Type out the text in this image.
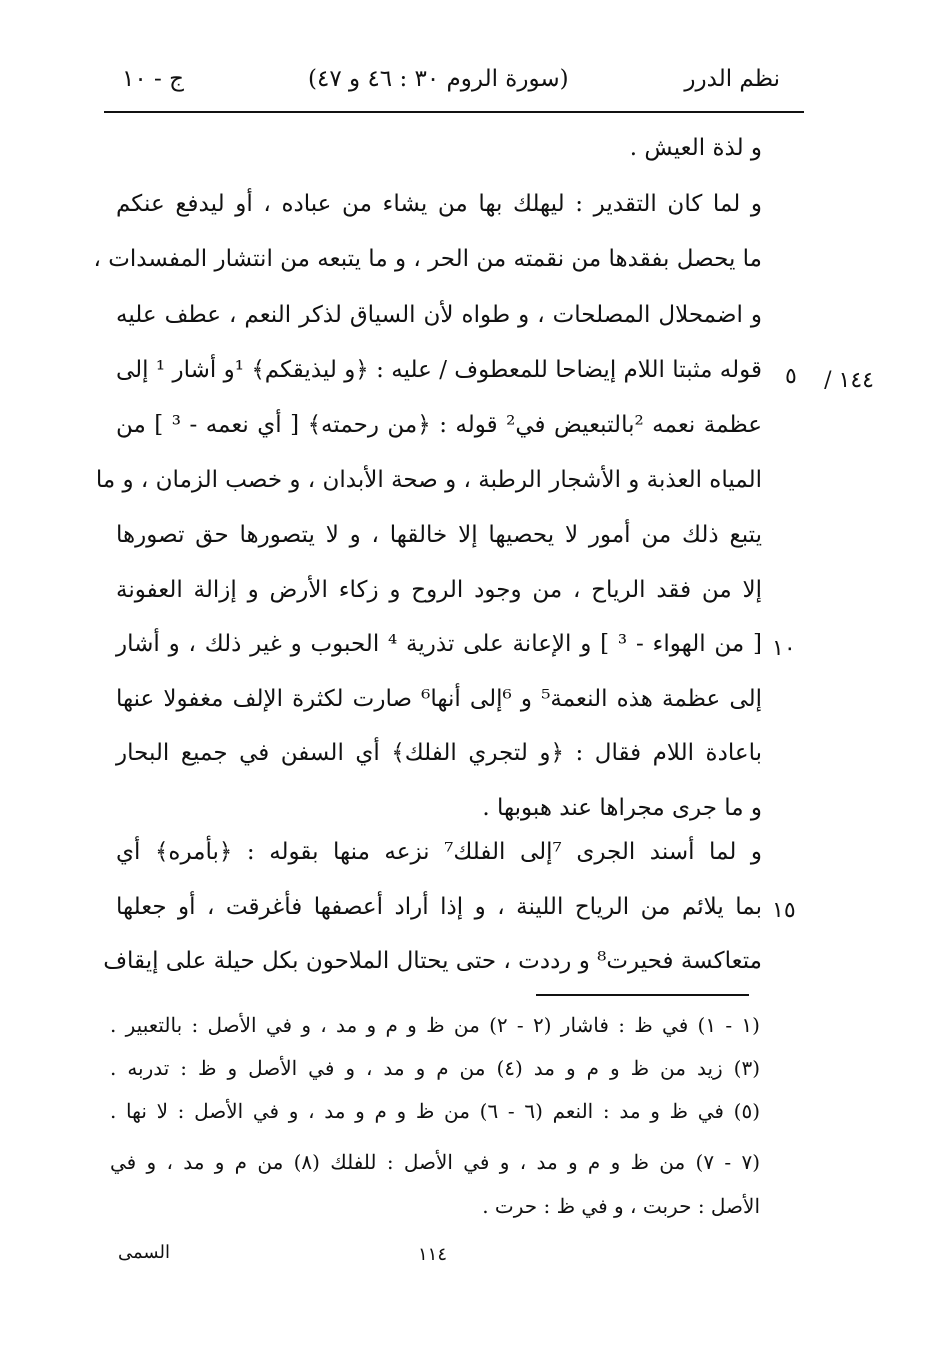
نظم الدرر
(سورة الروم ٣٠ : ٤٦ و ٤٧)
ج - ١٠
و لذة العيش .
و لما كان التقدير : ليهلك بها من يشاء من عباده ، أو ليدفع عنكم
ما يحصل بفقدها من نقمته من الحر ، و ما يتبعه من انتشار المفسدات ،
و اضمحلال المصلحات ، و طواه لأن السياق لذكر النعم ، عطف عليه
قوله مثبتا اللام إيضاحا للمعطوف / عليه : ﴿و ليذيقكم﴾ ¹و أشار ¹ إلى
عظمة نعمه ²بالتبعيض في² قوله : ﴿من رحمته﴾ [ أي نعمه - ³ ] من
المياه العذبة و الأشجار الرطبة ، و صحة الأبدان ، و خصب الزمان ، و ما
يتبع ذلك من أمور لا يحصيها إلا خالقها ، و لا يتصورها حق تصورها
إلا من فقد الرياح ، من وجود الروح و زكاء الأرض و إزالة العفونة
[ من الهواء - ³ ] و الإعانة على تذرية ⁴ الحبوب و غير ذلك ، و أشار
إلى عظمة هذه النعمة⁵ و ⁶إلى أنها⁶ صارت لكثرة الإلف مغفولا عنها
باعادة اللام فقال : ﴿و لتجري الفلك﴾ أي السفن في جميع البحار
و ما جرى مجراها عند هبوبها .
و لما أسند الجرى ⁷إلى الفلك⁷ نزعه منها بقوله : ﴿بأمره﴾ أي
بما يلائم من الرياح اللينة ، و إذا أراد أعصفها فأغرقت ، أو جعلها
متعاكسة فحيرت⁸ و رددت ، حتى يحتال الملاحون بكل حيلة على إيقاف
١٤٤ /
٥
١٠
١٥
(١ - ١) في ظ : فاشار (٢ - ٢) من ظ و م و مد ، و في الأصل : بالتعبير .
(٣) زيد من ظ و م و مد (٤) من م و مد ، و في الأصل و ظ : تدربه .
(٥) في ظ و مد : النعم (٦ - ٦) من ظ و م و مد ، و في الأصل : لا نها .
(٧ - ٧) من ظ و م و مد ، و في الأصل : للفلك (٨) من م و مد ، و في
الأصل : حربت ، و في ظ : حرت .
السمى	١١٤
